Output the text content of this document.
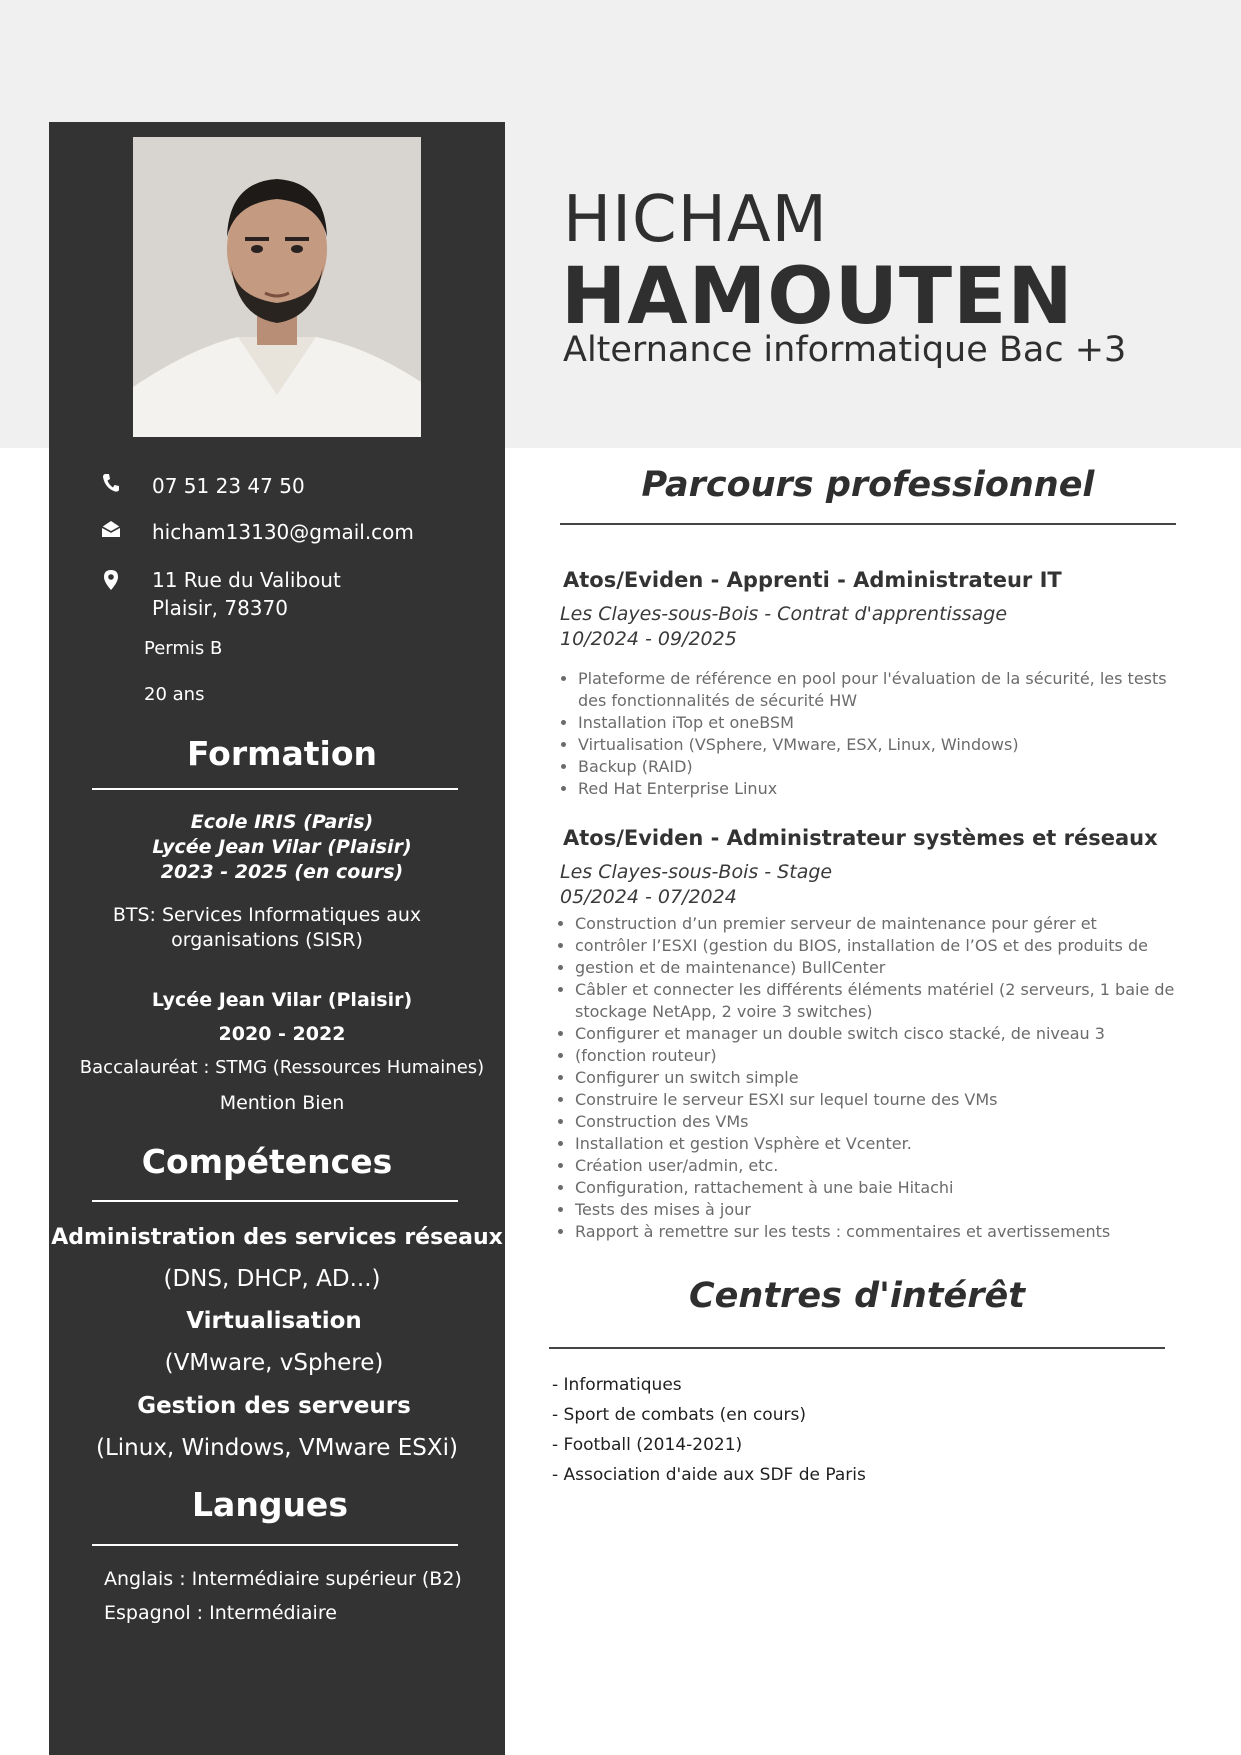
07 51 23 47 50
hicham13130@gmail.com
11 Rue du Valibout
Plaisir, 78370
Permis B
20 ans
Formation
Ecole IRIS (Paris)
Lycée Jean Vilar (Plaisir)
2023 - 2025 (en cours)
BTS: Services Informatiques aux
organisations (SISR)
Lycée Jean Vilar (Plaisir)
2020 - 2022
Baccalauréat : STMG (Ressources Humaines)
Mention Bien
Compétences
Administration des services réseaux
(DNS, DHCP, AD...)
Virtualisation
(VMware, vSphere)
Gestion des serveurs
(Linux, Windows, VMware ESXi)
Langues
Anglais : Intermédiaire supérieur (B2)
Espagnol : Intermédiaire
HICHAM
HAMOUTEN
Alternance informatique Bac +3
Parcours professionnel
Atos/Eviden - Apprenti - Administrateur IT
Les Clayes-sous-Bois - Contrat d'apprentissage
10/2024 - 09/2025
• Plateforme de référence en pool pour l'évaluation de la sécurité, les tests des fonctionnalités de sécurité HW
• Installation iTop et oneBSM
• Virtualisation (VSphere, VMware, ESX, Linux, Windows)
• Backup (RAID)
• Red Hat Enterprise Linux
Atos/Eviden - Administrateur systèmes et réseaux
Les Clayes-sous-Bois - Stage
05/2024 - 07/2024
• Construction d’un premier serveur de maintenance pour gérer et
• contrôler l’ESXI (gestion du BIOS, installation de l’OS et des produits de
• gestion et de maintenance) BullCenter
• Câbler et connecter les différents éléments matériel (2 serveurs, 1 baie de stockage NetApp, 2 voire 3 switches)
• Configurer et manager un double switch cisco stacké, de niveau 3
• (fonction routeur)
• Configurer un switch simple
• Construire le serveur ESXI sur lequel tourne des VMs
• Construction des VMs
• Installation et gestion Vsphère et Vcenter.
• Création user/admin, etc.
• Configuration, rattachement à une baie Hitachi
• Tests des mises à jour
• Rapport à remettre sur les tests : commentaires et avertissements
Centres d'intérêt
- Informatiques
- Sport de combats (en cours)
- Football (2014-2021)
- Association d'aide aux SDF de Paris
